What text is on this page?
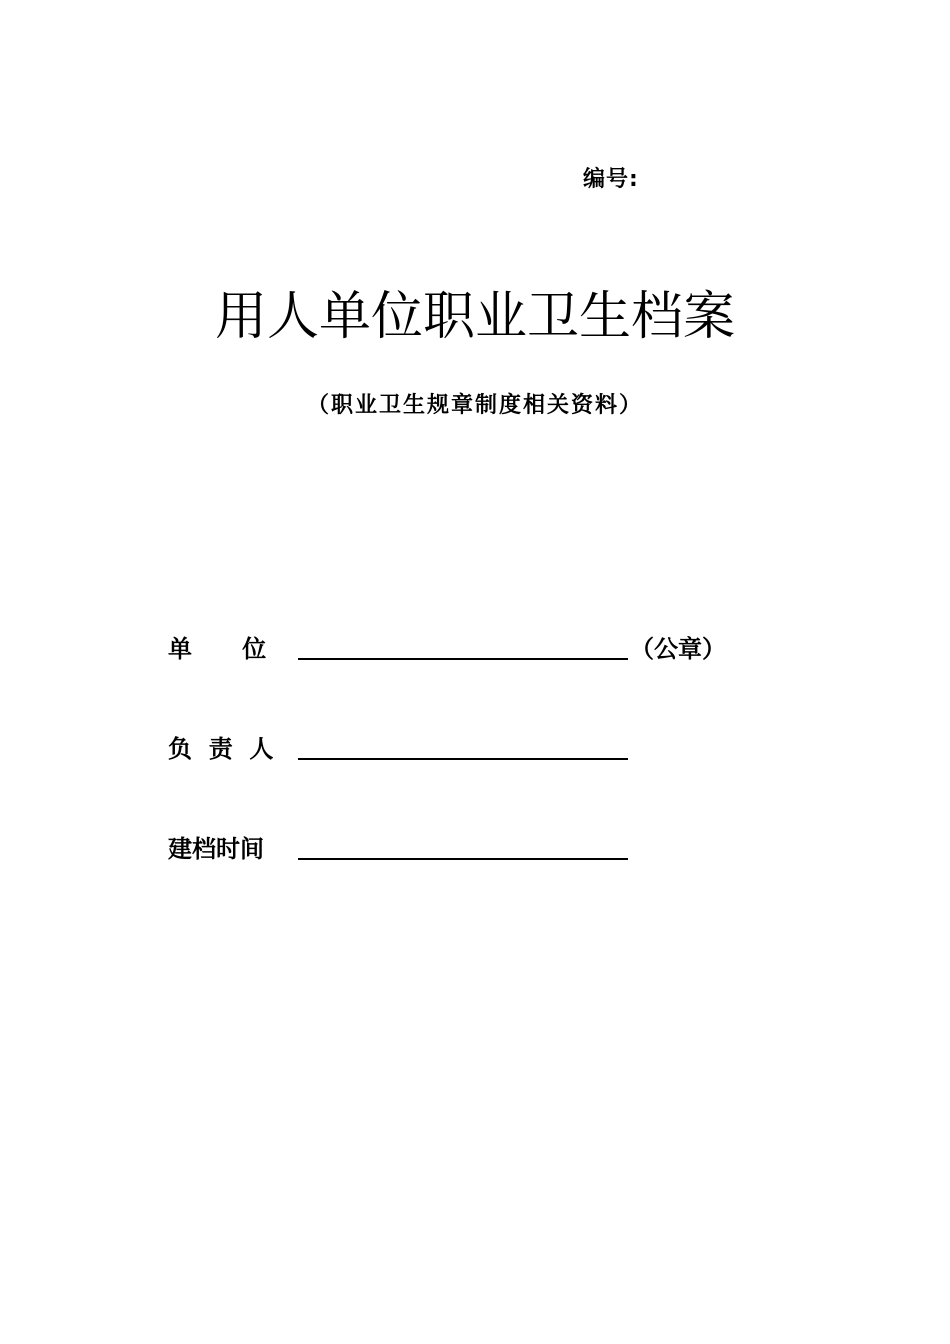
编号:
用人单位职业卫生档案
（职业卫生规章制度相关资料）
单      位	（公章）
负  责  人
建档时间
